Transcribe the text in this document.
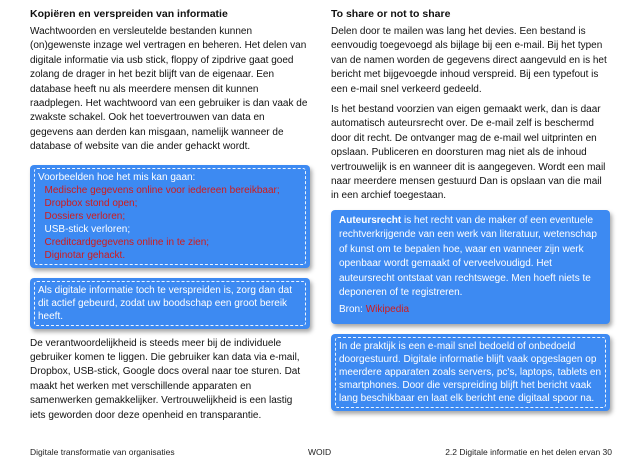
Kopiëren en verspreiden van informatie

Wachtwoorden en versleutelde bestanden kunnen (on)gewenste inzage wel vertragen en beheren. Het delen van digitale informatie via usb stick, floppy of zipdrive gaat goed zolang de drager in het bezit blijft van de eigenaar. Een database heeft nu als meerdere mensen dit kunnen raadplegen. Het wachtwoord van een gebruiker is dan vaak de zwakste schakel. Ook het toevertrouwen van data en gegevens aan derden kan misgaan, namelijk wanneer de database of website van die ander gehackt wordt.

Voorbeelden hoe het mis kan gaan:
• Medische gegevens online voor iedereen bereikbaar;
• Dropbox stond open;
• Dossiers verloren;
• USB-stick verloren;
• Creditcardgegevens online in te zien;
• Diginotar gehackt.
Als digitale informatie toch te verspreiden is, zorg dan dat dit actief gebeurd, zodat uw boodschap een groot bereik heeft.

De verantwoordelijkheid is steeds meer bij de individuele gebruiker komen te liggen. Die gebruiker kan data via e-mail, Dropbox, USB-stick, Google docs overal naar toe sturen. Dat maakt het werken met verschillende apparaten en samenwerken gemakkelijker. Vertrouwelijkheid is een lastig iets geworden door deze openheid en transparantie.

To share or not to share

Delen door te mailen was lang het devies. Een bestand is eenvoudig toegevoegd als bijlage bij een e-mail. Bij het typen van de namen worden de gegevens direct aangevuld en is het bericht met bijgevoegde inhoud verspreid. Bij een typefout is een e-mail snel verkeerd gedeeld.

Is het bestand voorzien van eigen gemaakt werk, dan is daar automatisch auteursrecht over. De e-mail zelf is beschermd door dit recht. De ontvanger mag de e-mail wel uitprinten en opslaan. Publiceren en doorsturen mag niet als de inhoud vertrouwelijk is en wanneer dit is aangegeven. Wordt een mail naar meerdere mensen gestuurd Dan is opslaan van die mail in een archief toegestaan.

Auteursrecht is het recht van de maker of een eventuele rechtverkrijgende van een werk van literatuur, wetenschap of kunst om te bepalen hoe, waar en wanneer zijn werk openbaar wordt gemaakt of verveelvoudigd. Het auteursrecht ontstaat van rechtswege. Men hoeft niets te deponeren of te registreren.
Bron: Wikipedia
In de praktijk is een e-mail snel bedoeld of onbedoeld doorgestuurd. Digitale informatie blijft vaak opgeslagen op meerdere apparaten zoals servers, pc's, laptops, tablets en smartphones. Door die verspreiding blijft het bericht vaak lang beschikbaar en laat elk bericht ene digitaal spoor na.
Digitale transformatie van organisaties	WOID	2.2 Digitale informatie en het delen ervan 30
